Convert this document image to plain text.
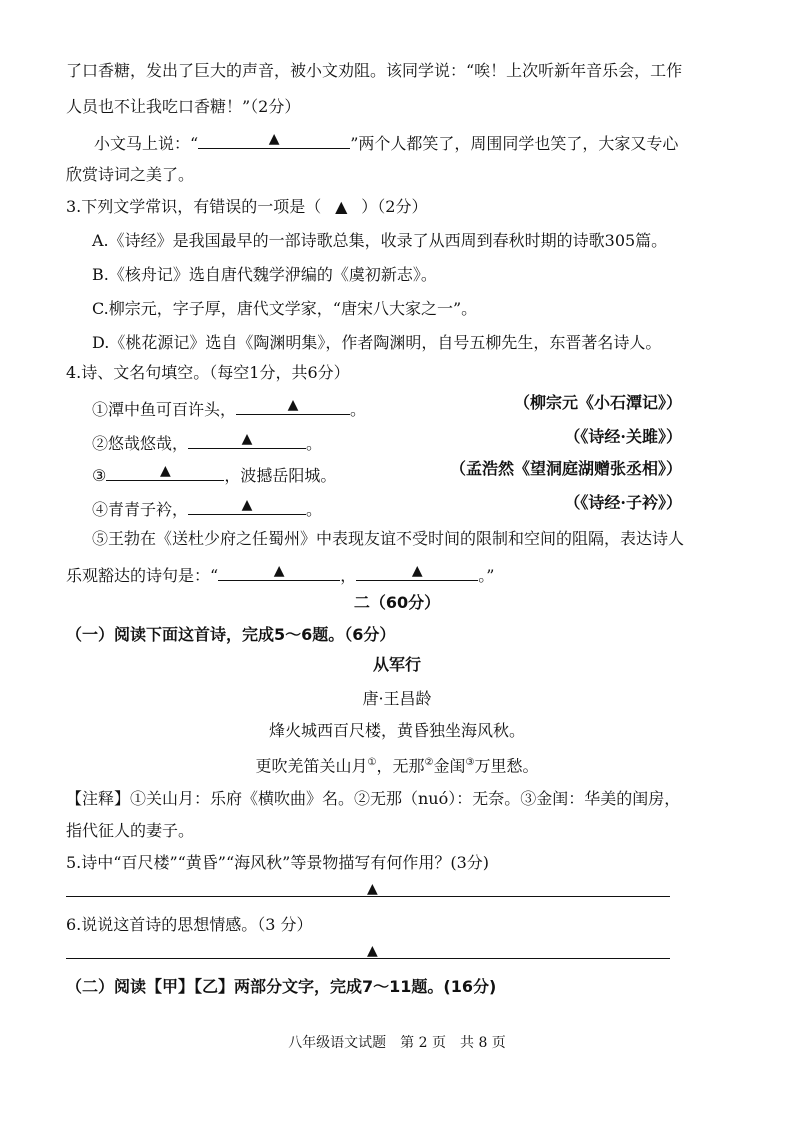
了口香糖，发出了巨大的声音，被小文劝阻。该同学说：“唉！上次听新年音乐会，工作
人员也不让我吃口香糖！”（2分）
小文马上说：“	▲	”两个人都笑了，周围同学也笑了，大家又专心
欣赏诗词之美了。
3.下列文学常识，有错误的一项是（ ▲ ）（2分）
A.《诗经》是我国最早的一部诗歌总集，收录了从西周到春秋时期的诗歌305篇。
B.《核舟记》选自唐代魏学洢编的《虞初新志》。
C.柳宗元，字子厚，唐代文学家，“唐宋八大家之一”。
D.《桃花源记》选自《陶渊明集》，作者陶渊明，自号五柳先生，东晋著名诗人。
4.诗、文名句填空。（每空1分，共6分）
①潭中鱼可百许头，	▲	。	（柳宗元《小石潭记》）
②悠哉悠哉，	▲	。	（《诗经·关雎》）
③	▲	，波撼岳阳城。	（孟浩然《望洞庭湖赠张丞相》）
④青青子衿，	▲	。	（《诗经·子衿》）
⑤王勃在《送杜少府之任蜀州》中表现友谊不受时间的限制和空间的阻隔，表达诗人
乐观豁达的诗句是：“	▲	，	▲	。”
二（60分）
（一）阅读下面这首诗，完成5～6题。（6分）
从军行
唐·王昌龄
烽火城西百尺楼，黄昏独坐海风秋。
更吹羌笛关山月①，无那②金闺③万里愁。
【注释】①关山月：乐府《横吹曲》名。②无那（nuó）：无奈。③金闺：华美的闺房，
指代征人的妻子。
5.诗中“百尺楼”“黄昏”“海风秋”等景物描写有何作用？(3分)
▲
6.说说这首诗的思想情感。（3 分）
▲
（二）阅读【甲】【乙】两部分文字，完成7～11题。(16分)
八年级语文试题　第 2 页　共 8 页
